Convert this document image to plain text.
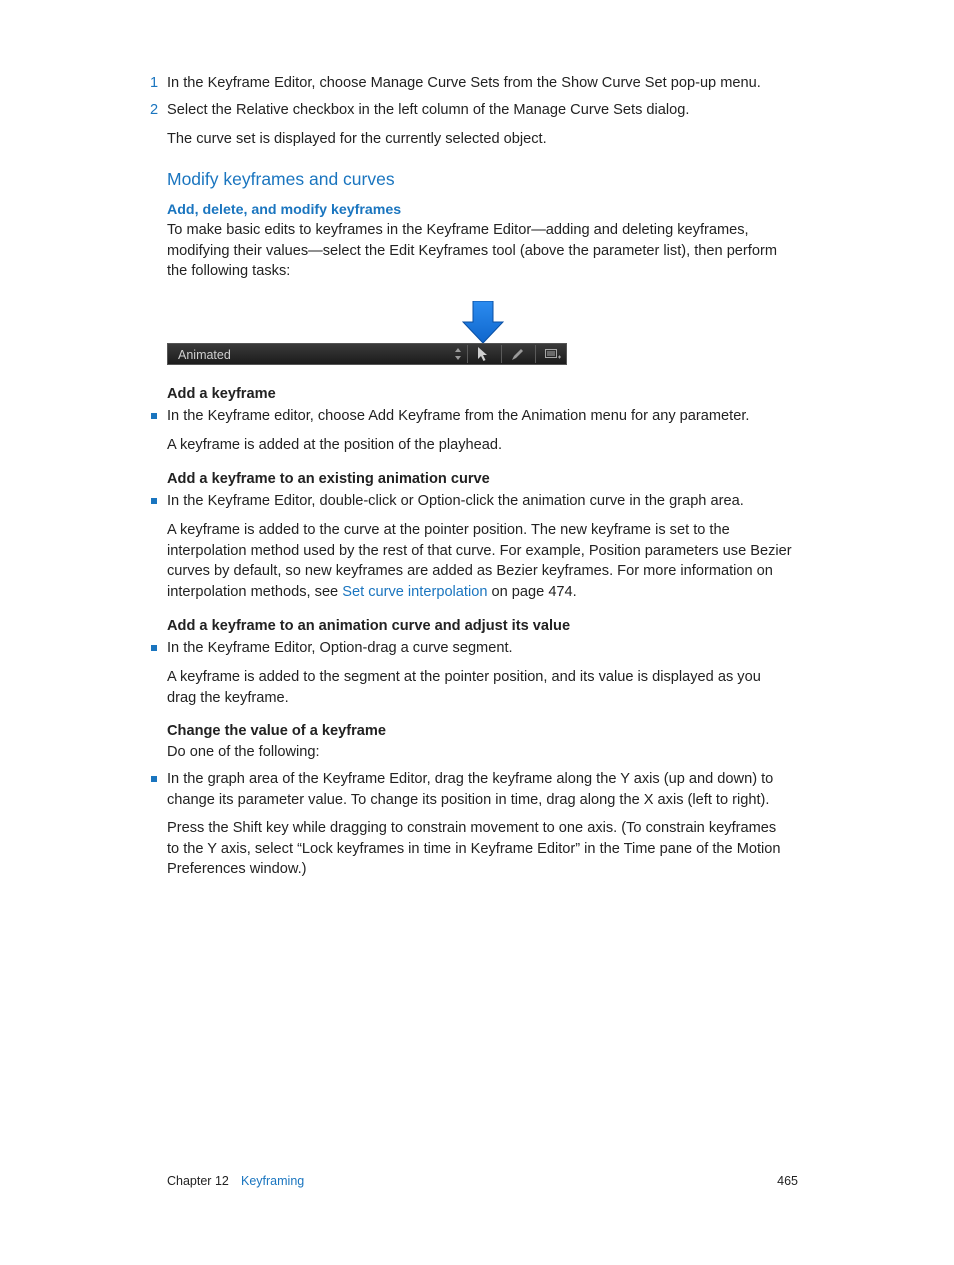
1 In the Keyframe Editor, choose Manage Curve Sets from the Show Curve Set pop-up menu.

2 Select the Relative checkbox in the left column of the Manage Curve Sets dialog.

The curve set is displayed for the currently selected object.

Modify keyframes and curves
Add, delete, and modify keyframes

To make basic edits to keyframes in the Keyframe Editor—adding and deleting keyframes, modifying their values—select the Edit Keyframes tool (above the parameter list), then perform the following tasks:

Animated

Add a keyframe

In the Keyframe editor, choose Add Keyframe from the Animation menu for any parameter.

A keyframe is added at the position of the playhead.

Add a keyframe to an existing animation curve

In the Keyframe Editor, double-click or Option-click the animation curve in the graph area.

A keyframe is added to the curve at the pointer position. The new keyframe is set to the interpolation method used by the rest of that curve. For example, Position parameters use Bezier curves by default, so new keyframes are added as Bezier keyframes. For more information on interpolation methods, see Set curve interpolation on page 474.

Add a keyframe to an animation curve and adjust its value

In the Keyframe Editor, Option-drag a curve segment.

A keyframe is added to the segment at the pointer position, and its value is displayed as you drag the keyframe.

Change the value of a keyframe

Do one of the following:

In the graph area of the Keyframe Editor, drag the keyframe along the Y axis (up and down) to change its parameter value. To change its position in time, drag along the X axis (left to right).

Press the Shift key while dragging to constrain movement to one axis. (To constrain keyframes to the Y axis, select “Lock keyframes in time in Keyframe Editor” in the Time pane of the Motion Preferences window.)

Chapter 12 Keyframing	465
